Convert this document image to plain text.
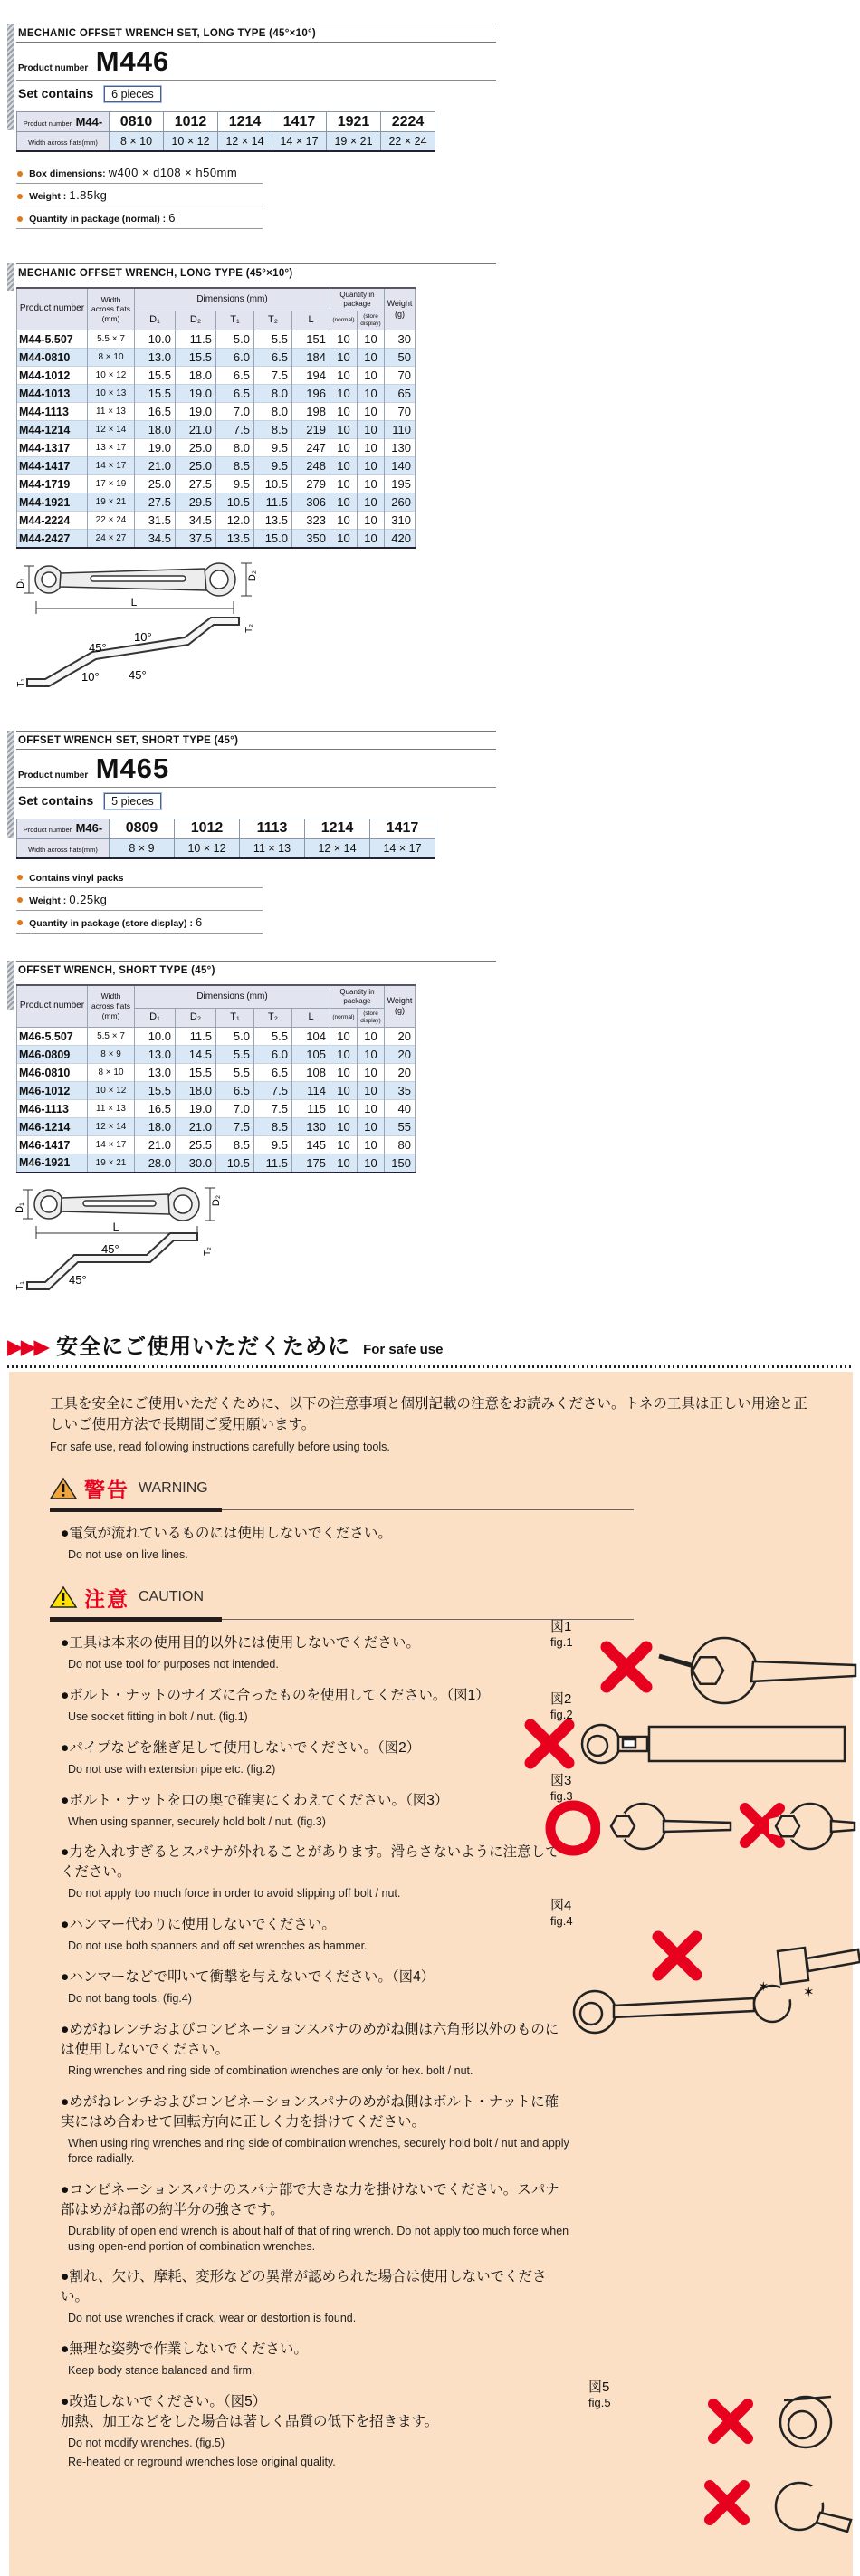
MECHANIC OFFSET WRENCH SET, LONG TYPE (45°×10°)
Product number M446
Set contains 6 pieces
Product number M44-	0810	1012	1214	1417	1921	2224
Width across flats(mm)	8 × 10	10 × 12	12 × 14	14 × 17	19 × 21	22 × 24
Box dimensions: w400 × d108 × h50mm
Weight : 1.85kg
Quantity in package (normal) : 6
MECHANIC OFFSET WRENCH, LONG TYPE (45°×10°)
Product number	Width across flats (mm)	Dimensions (mm)					Quantity in package		Weight (g)
		D₁	D₂	T₁	T₂	L	(normal)	(store display)	
M44-5.507	5.5 × 7	10.0	11.5	5.0	5.5	151	10	10	30
M44-0810	8 × 10	13.0	15.5	6.0	6.5	184	10	10	50
M44-1012	10 × 12	15.5	18.0	6.5	7.5	194	10	10	70
M44-1013	10 × 13	15.5	19.0	6.5	8.0	196	10	10	65
M44-1113	11 × 13	16.5	19.0	7.0	8.0	198	10	10	70
M44-1214	12 × 14	18.0	21.0	7.5	8.5	219	10	10	110
M44-1317	13 × 17	19.0	25.0	8.0	9.5	247	10	10	130
M44-1417	14 × 17	21.0	25.0	8.5	9.5	248	10	10	140
M44-1719	17 × 19	25.0	27.5	9.5	10.5	279	10	10	195
M44-1921	19 × 21	27.5	29.5	10.5	11.5	306	10	10	260
M44-2224	22 × 24	31.5	34.5	12.0	13.5	323	10	10	310
M44-2427	24 × 27	34.5	37.5	13.5	15.0	350	10	10	420
D₁
D₂
L
45°
10°
10° 45°
T₁
T₂
OFFSET WRENCH SET, SHORT TYPE (45°)
Product number M465
Set contains 5 pieces
Product number M46-	0809	1012	1113	1214	1417
Width across flats(mm)	8 × 9	10 × 12	11 × 13	12 × 14	14 × 17
Contains vinyl packs
Weight : 0.25kg
Quantity in package (store display) : 6
OFFSET WRENCH, SHORT TYPE (45°)
Product number	Width across flats (mm)	Dimensions (mm)					Quantity in package		Weight (g)
		D₁	D₂	T₁	T₂	L	(normal)	(store display)	
M46-5.507	5.5 × 7	10.0	11.5	5.0	5.5	104	10	10	20
M46-0809	8 × 9	13.0	14.5	5.5	6.0	105	10	10	20
M46-0810	8 × 10	13.0	15.5	5.5	6.5	108	10	10	20
M46-1012	10 × 12	15.5	18.0	6.5	7.5	114	10	10	35
M46-1113	11 × 13	16.5	19.0	7.0	7.5	115	10	10	40
M46-1214	12 × 14	18.0	21.0	7.5	8.5	130	10	10	55
M46-1417	14 × 17	21.0	25.5	8.5	9.5	145	10	10	80
M46-1921	19 × 21	28.0	30.0	10.5	11.5	175	10	10	150
D₁
D₂
L
45°
45°
T₁
T₂
▶▶▶ 安全にご使用いただくために For safe use
工具を安全にご使用いただくために、以下の注意事項と個別記載の注意をお読みください。トネの工具は正しい用途と正しいご使用方法で長期間ご愛用願います。
For safe use, read following instructions carefully before using tools.
警告 WARNING
●電気が流れているものには使用しないでください。
Do not use on live lines.
注意 CAUTION
●工具は本来の使用目的以外には使用しないでください。
Do not use tool for purposes not intended.
●ボルト・ナットのサイズに合ったものを使用してください。（図1）
Use socket fitting in bolt / nut. (fig.1)
●パイプなどを継ぎ足して使用しないでください。（図2）
Do not use with extension pipe etc. (fig.2)
●ボルト・ナットを口の奥で確実にくわえてください。（図3）
When using spanner, securely hold bolt / nut. (fig.3)
●力を入れすぎるとスパナが外れることがあります。滑らさないように注意してください。
Do not apply too much force in order to avoid slipping off bolt / nut.
●ハンマー代わりに使用しないでください。
Do not use both spanners and off set wrenches as hammer.
●ハンマーなどで叩いて衝撃を与えないでください。（図4）
Do not bang tools. (fig.4)
●めがねレンチおよびコンビネーションスパナのめがね側は六角形以外のものには使用しないでください。
Ring wrenches and ring side of combination wrenches are only for hex. bolt / nut.
●めがねレンチおよびコンビネーションスパナのめがね側はボルト・ナットに確実にはめ合わせて回転方向に正しく力を掛けてください。
When using ring wrenches and ring side of combination wrenches, securely hold bolt / nut and apply force radially.
●コンビネーションスパナのスパナ部で大きな力を掛けないでください。スパナ部はめがね部の約半分の強さです。
Durability of open end wrench is about half of that of ring wrench. Do not apply too much force when using open-end portion of combination wrenches.
●割れ、欠け、摩耗、変形などの異常が認められた場合は使用しないでください。
Do not use wrenches if crack, wear or destortion is found.
●無理な姿勢で作業しないでください。
Keep body stance balanced and firm.
●改造しないでください。（図5）
加熱、加工などをした場合は著しく品質の低下を招きます。
Do not modify wrenches. (fig.5)
Re-heated or reground wrenches lose original quality.
図1
fig.1
図2
fig.2
図3
fig.3
図4
fig.4
図5
fig.5
✶ ✶
